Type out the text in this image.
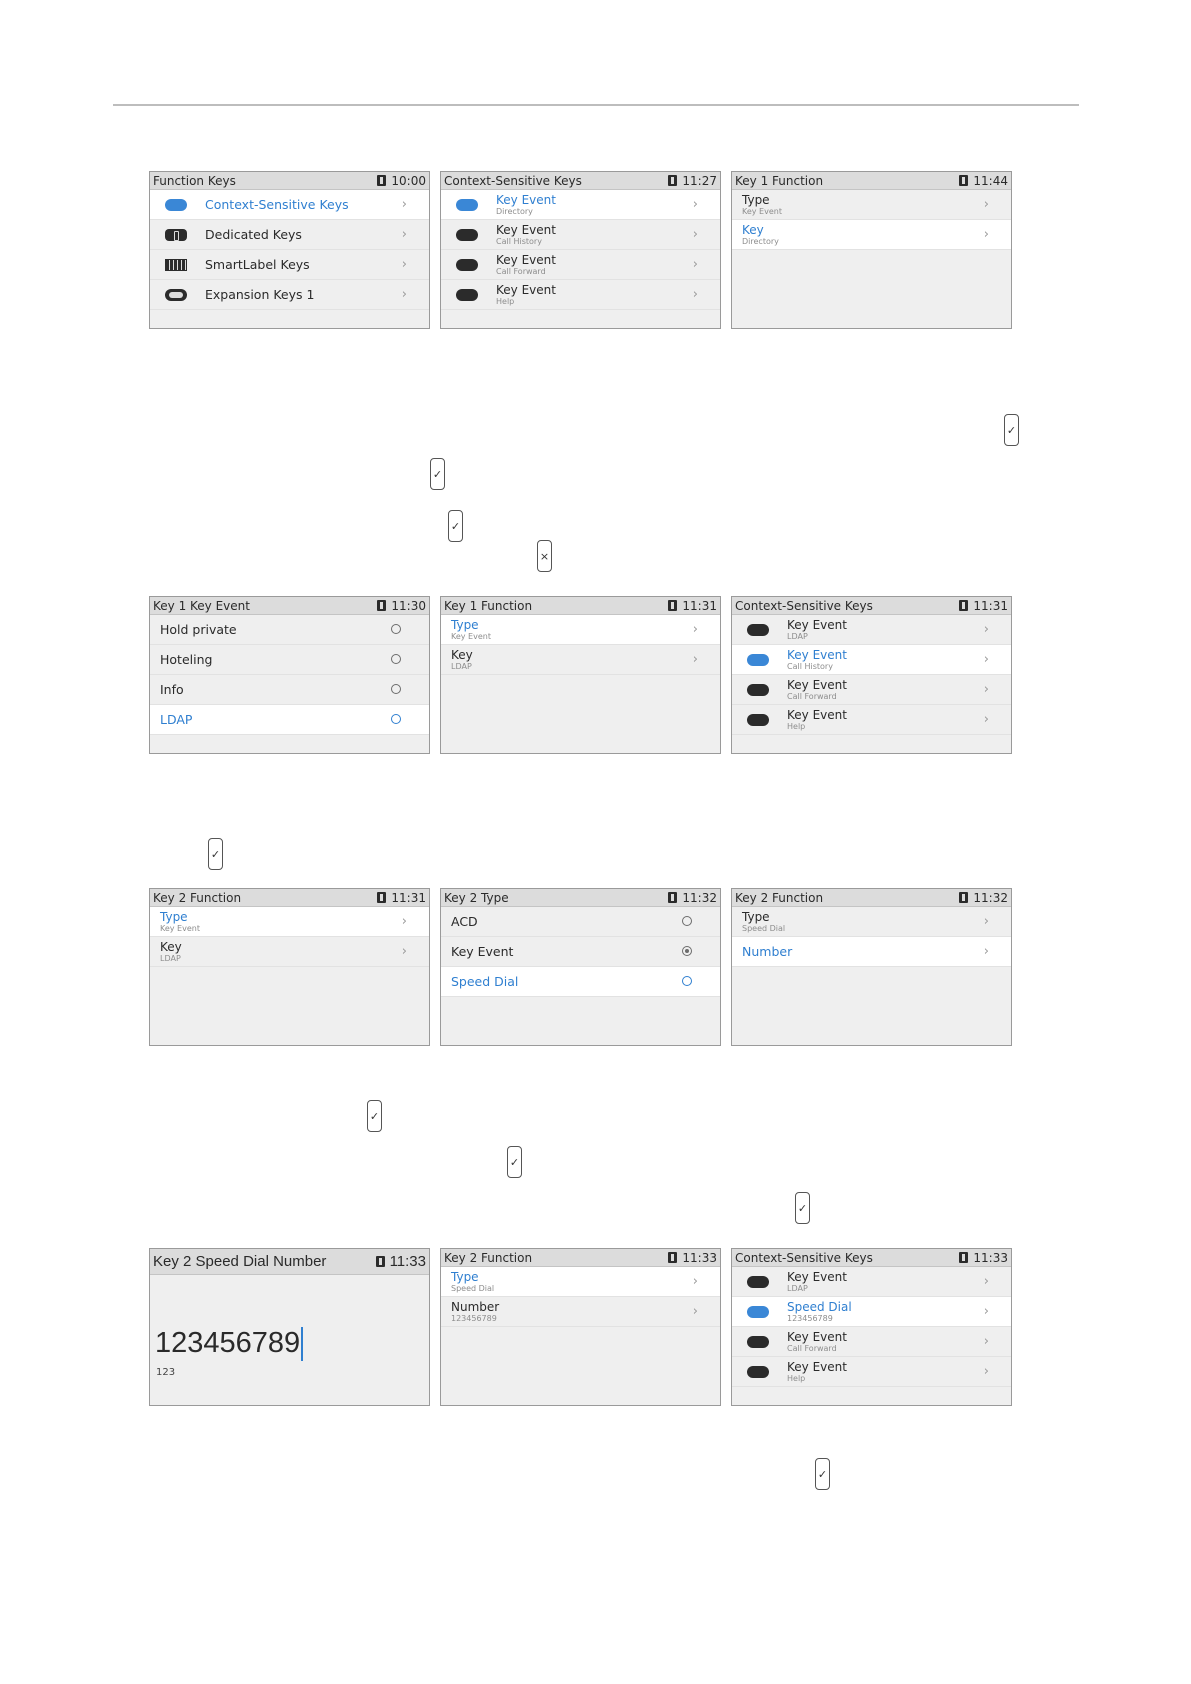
Function Keys	10:00
Context-Sensitive Keys	›
Dedicated Keys	›
SmartLabel Keys	›
Expansion Keys 1	›
Context-Sensitive Keys	11:27
Key Event
Directory	›
Key Event
Call History	›
Key Event
Call Forward	›
Key Event
Help	›
Key 1 Function	11:44
Type
Key Event	›
Key
Directory	›
✓
✓
✓
×
Key 1 Key Event	11:30
Hold private
Hoteling
Info
LDAP
Key 1 Function	11:31
Type
Key Event	›
Key
LDAP	›
Context-Sensitive Keys	11:31
Key Event
LDAP	›
Key Event
Call History	›
Key Event
Call Forward	›
Key Event
Help	›
✓
Key 2 Function	11:31
Type
Key Event	›
Key
LDAP	›
Key 2 Type	11:32
ACD
Key Event
Speed Dial
Key 2 Function	11:32
Type
Speed Dial	›
Number	›
✓
✓
✓
Key 2 Speed Dial Number	11:33
123456789
123
Key 2 Function	11:33
Type
Speed Dial	›
Number
123456789	›
Context-Sensitive Keys	11:33
Key Event
LDAP	›
Speed Dial
123456789	›
Key Event
Call Forward	›
Key Event
Help	›
✓
